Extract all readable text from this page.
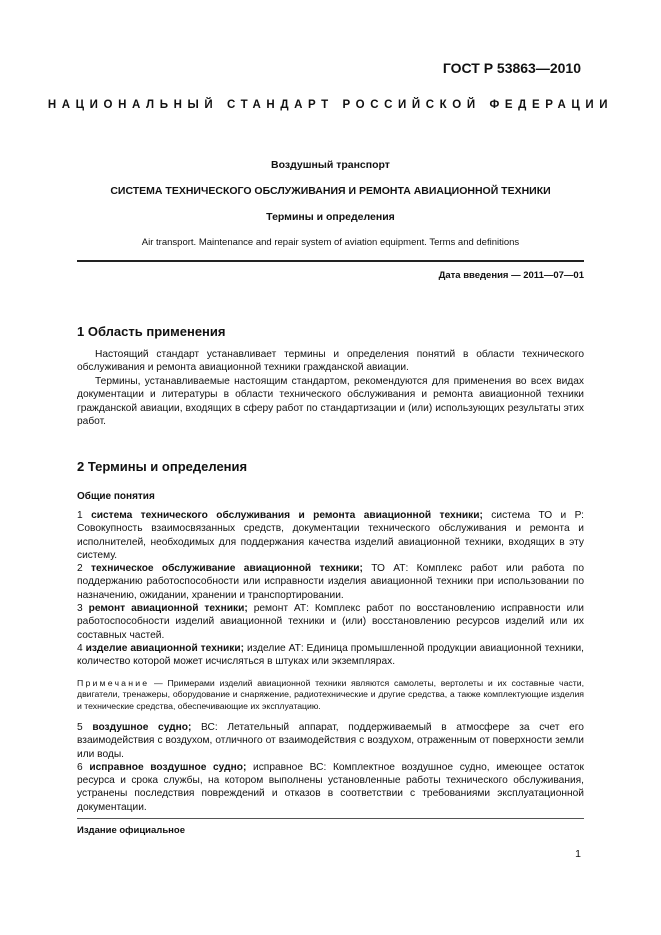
ГОСТ Р 53863—2010

НАЦИОНАЛЬНЫЙ СТАНДАРТ РОССИЙСКОЙ ФЕДЕРАЦИИ

Воздушный транспорт

СИСТЕМА ТЕХНИЧЕСКОГО ОБСЛУЖИВАНИЯ И РЕМОНТА АВИАЦИОННОЙ ТЕХНИКИ

Термины и определения

Air transport. Maintenance and repair system of aviation equipment. Terms and definitions

Дата введения — 2011—07—01

1 Область применения

Настоящий стандарт устанавливает термины и определения понятий в области технического обслуживания и ремонта авиационной техники гражданской авиации.

Термины, устанавливаемые настоящим стандартом, рекомендуются для применения во всех видах документации и литературы в области технического обслуживания и ремонта авиационной техники гражданской авиации, входящих в сферу работ по стандартизации и (или) использующих результаты этих работ.

2 Термины и определения

Общие понятия

1 система технического обслуживания и ремонта авиационной техники; система ТО и Р: Совокупность взаимосвязанных средств, документации технического обслуживания и ремонта и исполнителей, необходимых для поддержания качества изделий авиационной техники, входящих в эту систему.

2 техническое обслуживание авиационной техники; ТО АТ: Комплекс работ или работа по поддержанию работоспособности или исправности изделия авиационной техники при использовании по назначению, ожидании, хранении и транспортировании.

3 ремонт авиационной техники; ремонт АТ: Комплекс работ по восстановлению исправности или работоспособности изделий авиационной техники и (или) восстановлению ресурсов изделий или их составных частей.

4 изделие авиационной техники; изделие АТ: Единица промышленной продукции авиационной техники, количество которой может исчисляться в штуках или экземплярах.

Примечание — Примерами изделий авиационной техники являются самолеты, вертолеты и их составные части, двигатели, тренажеры, оборудование и снаряжение, радиотехнические и другие средства, а также комплектующие изделия и технические средства, обеспечивающие их эксплуатацию.

5 воздушное судно; ВС: Летательный аппарат, поддерживаемый в атмосфере за счет его взаимодействия с воздухом, отличного от взаимодействия с воздухом, отраженным от поверхности земли или воды.

6 исправное воздушное судно; исправное ВС: Комплектное воздушное судно, имеющее остаток ресурса и срока службы, на котором выполнены установленные работы технического обслуживания, устранены последствия повреждений и отказов в соответствии с требованиями эксплуатационной документации.

Издание официальное

1
